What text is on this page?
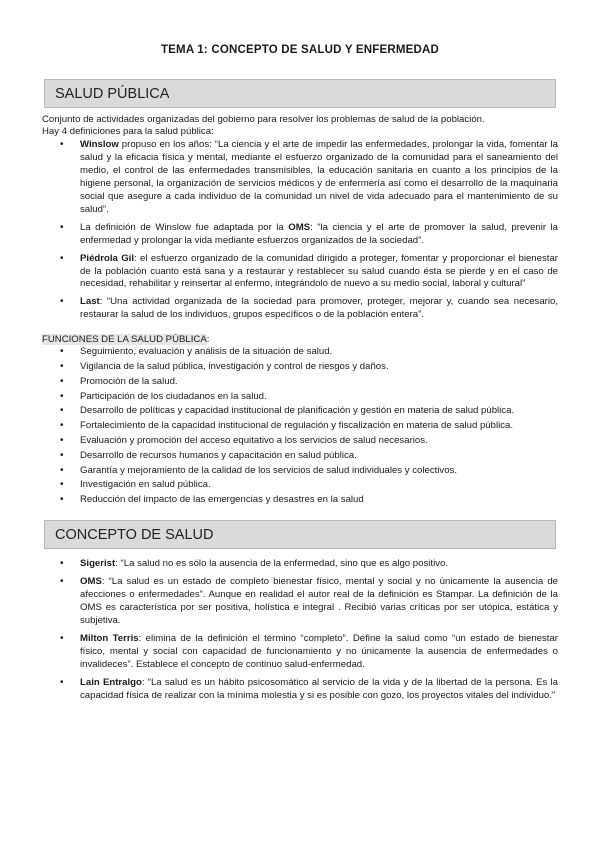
TEMA 1: CONCEPTO DE SALUD Y ENFERMEDAD
SALUD PÚBLICA
Conjunto de actividades organizadas del gobierno para resolver los problemas de salud de la población.
Hay 4 definiciones para la salud pública:
• Winslow propuso en los años: “La ciencia y el arte de impedir las enfermedades, prolongar la vida, fomentar la salud y la eficacia física y mental, mediante el esfuerzo organizado de la comunidad para el saneamiento del medio, el control de las enfermedades transmisibles, la educación sanitaria en cuanto a los principios de la higiene personal, la organización de servicios médicos y de enfermería así como el desarrollo de la maquinaria social que asegure a cada individuo de la comunidad un nivel de vida adecuado para el mantenimiento de su salud”.
• La definición de Winslow fue adaptada por la OMS: “la ciencia y el arte de promover la salud, prevenir la enfermedad y prolongar la vida mediante esfuerzos organizados de la sociedad”.
• Piédrola Gil: el esfuerzo organizado de la comunidad dirigido a proteger, fomentar y proporcionar el bienestar de la población cuanto está sana y a restaurar y restablecer su salud cuando ésta se pierde y en el caso de necesidad, rehabilitar y reinsertar al enfermo, integrándolo de nuevo a su medio social, laboral y cultural”
• Last: “Una actividad organizada de la sociedad para promover, proteger, mejorar y, cuando sea necesario, restaurar la salud de los individuos, grupos específicos o de la población entera”.
FUNCIONES DE LA SALUD PÚBLICA:
• Seguimiento, evaluación y análisis de la situación de salud.
• Vigilancia de la salud pública, investigación y control de riesgos y daños.
• Promoción de la salud.
• Participación de los ciudadanos en la salud.
• Desarrollo de políticas y capacidad institucional de planificación y gestión en materia de salud pública.
• Fortalecimiento de la capacidad institucional de regulación y fiscalización en materia de salud pública.
• Evaluación y promoción del acceso equitativo a los servicios de salud necesarios.
• Desarrollo de recursos humanos y capacitación en salud pública.
• Garantía y mejoramiento de la calidad de los servicios de salud individuales y colectivos.
• Investigación en salud pública.
• Reducción del impacto de las emergencias y desastres en la salud
CONCEPTO DE SALUD
• Sigerist: “La salud no es sólo la ausencia de la enfermedad, sino que es algo positivo.
• OMS: “La salud es un estado de completo bienestar físico, mental y social y no únicamente la ausencia de afecciones o enfermedades”. Aunque en realidad el autor real de la definición es Stampar. La definición de la OMS es característica por ser positiva, holística e integral . Recibió varias críticas por ser utópica, estática y subjetiva.
• Milton Terris: elimina de la definición el término “completo”. Define la salud como “un estado de bienestar físico, mental y social con capacidad de funcionamiento y no únicamente la ausencia de enfermedades o invalideces”. Establece el concepto de continuo salud-enfermedad.
• Lain Entralgo: “La salud es un hábito psicosomático al servicio de la vida y de la libertad de la persona. Es la capacidad física de realizar con la mínima molestia y si es posible con gozo, los proyectos vitales del individuo.”
